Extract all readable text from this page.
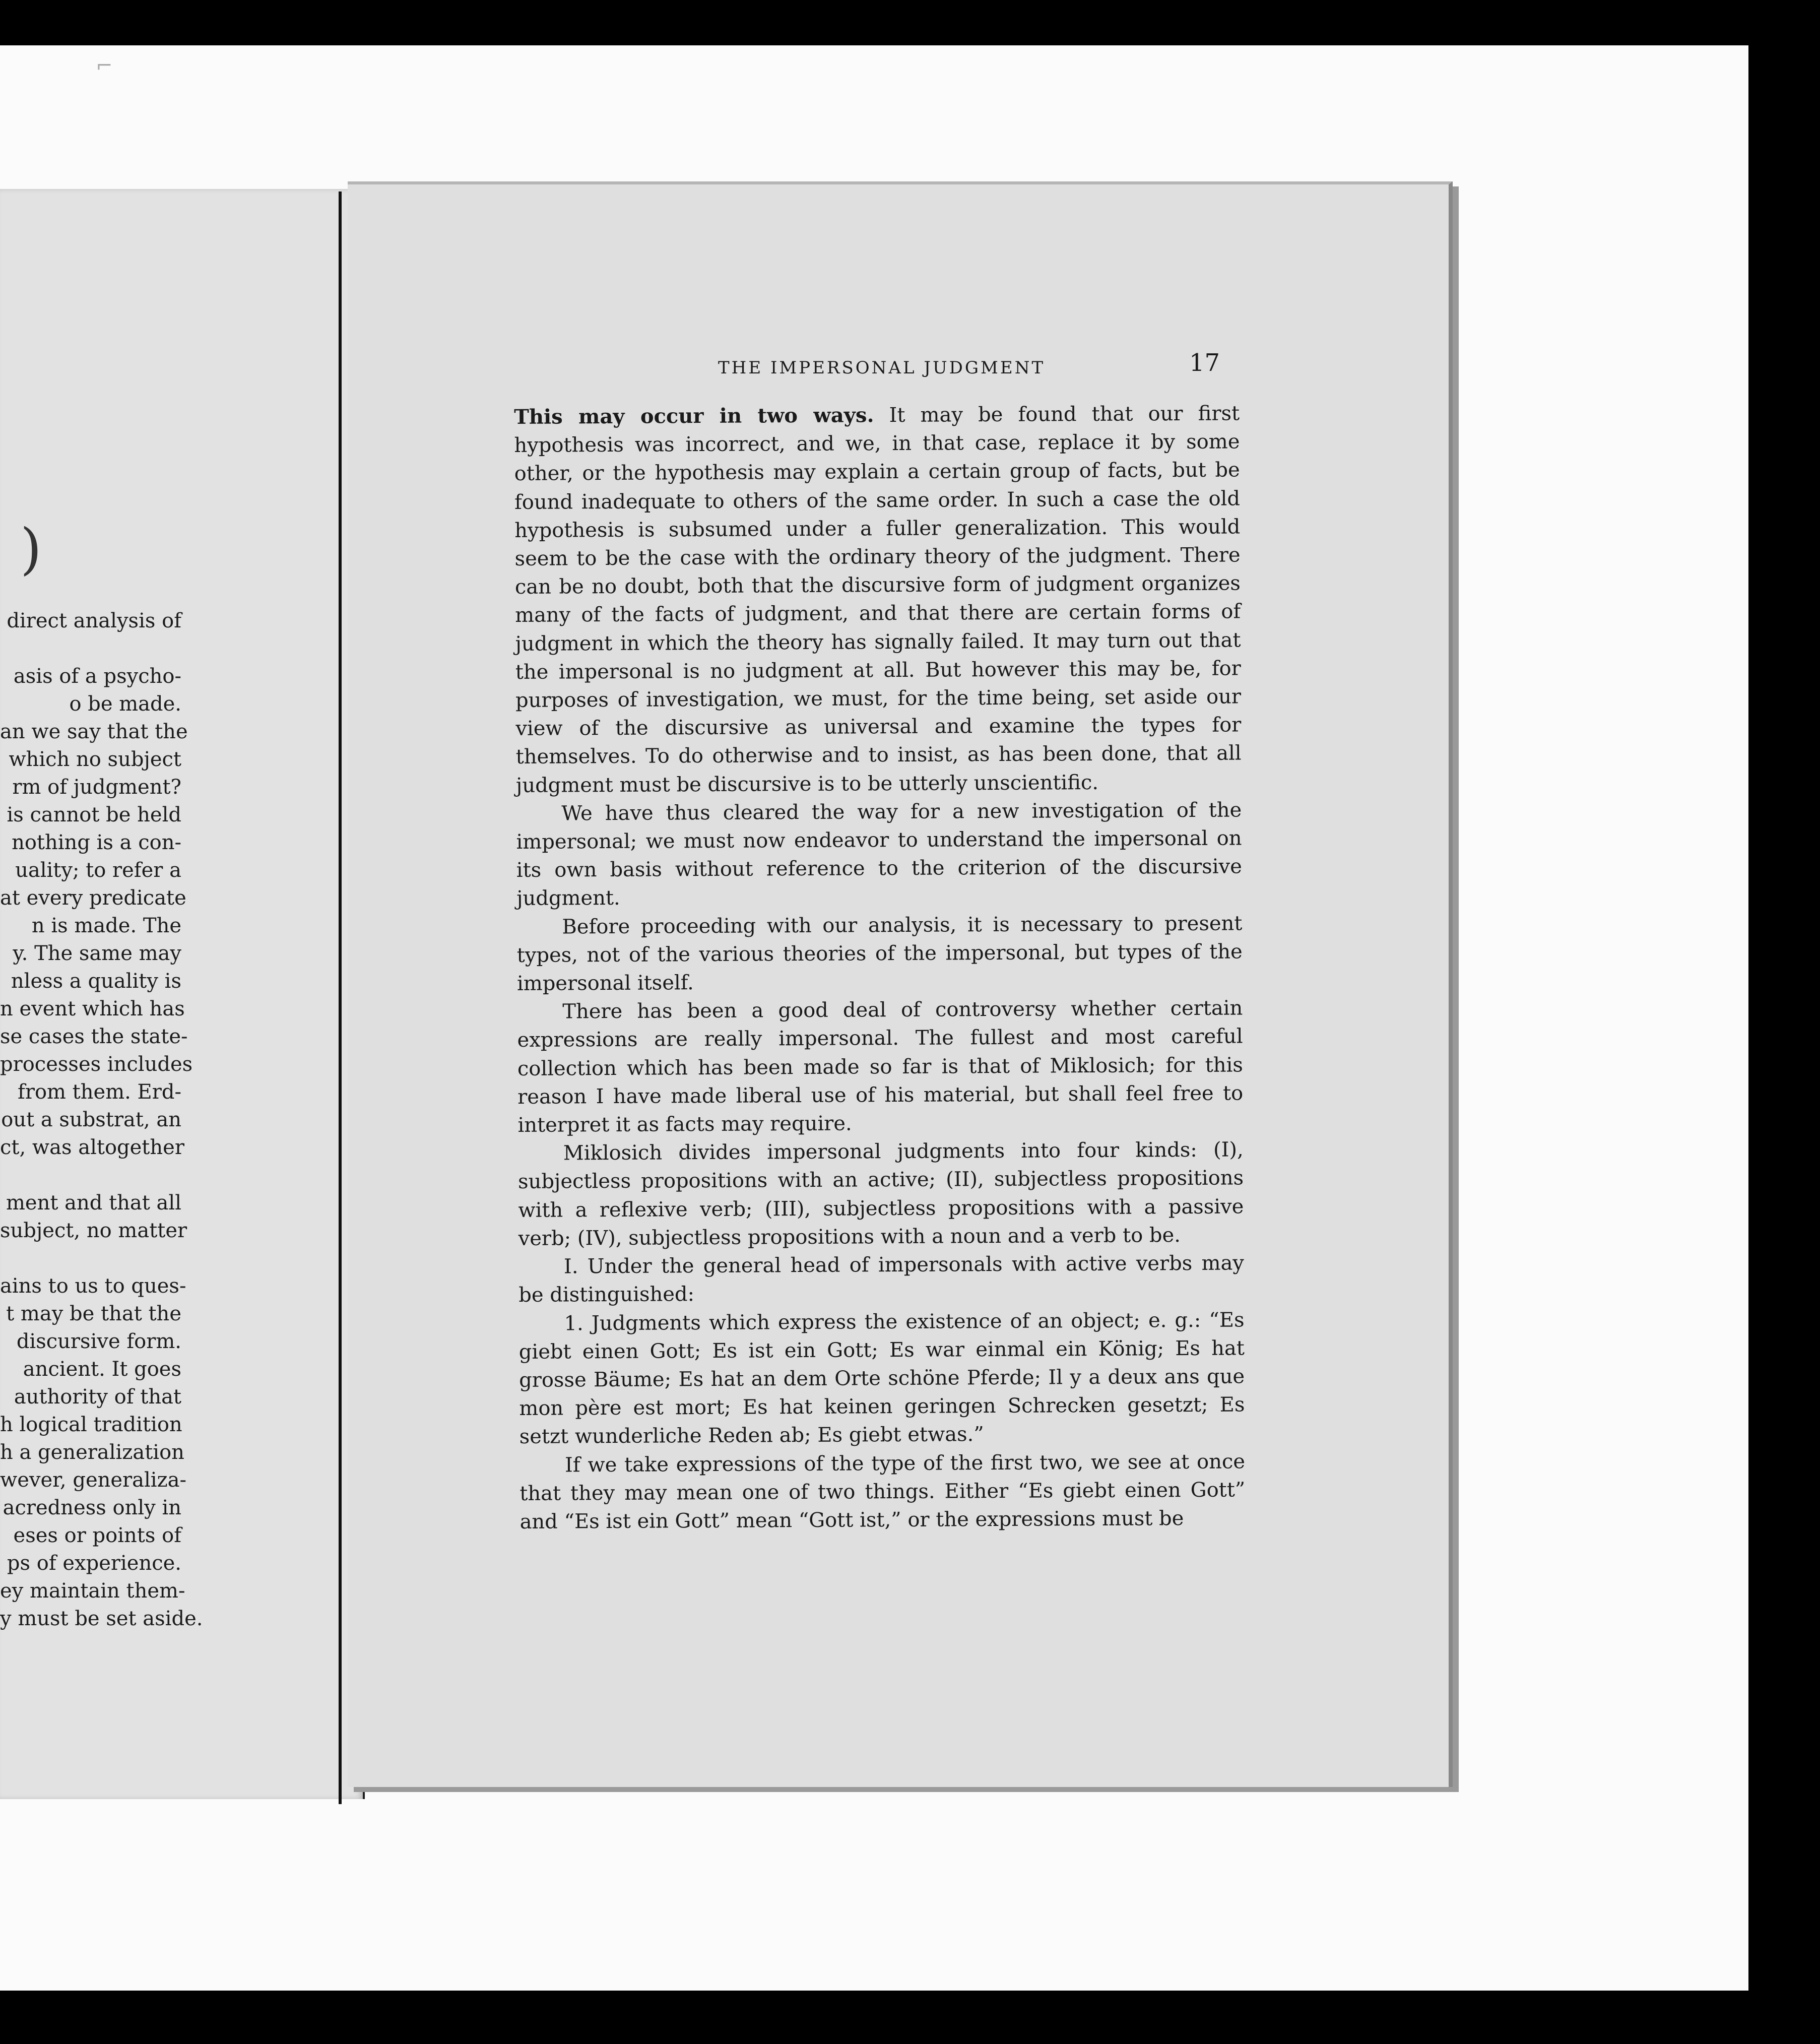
⌐
)
direct analysis of
asis of a psycho-
o be made.
an we say that the
which no subject
rm of judgment?
is cannot be held
nothing is a con-
uality; to refer a
at every predicate
n is made. The
y. The same may
nless a quality is
n event which has
se cases the state-
processes includes
from them. Erd-
out a substrat, an
ct, was altogether
ment and that all
subject, no matter
ains to us to ques-
t may be that the
discursive form.
ancient. It goes
authority of that
h logical tradition
h a generalization
wever, generaliza-
acredness only in
eses or points of
ps of experience.
ey maintain them-
y must be set aside.
THE IMPERSONAL JUDGMENT	17

This may occur in two ways. It may be found that our first hypothesis was incorrect, and we, in that case, replace it by some other, or the hypothesis may explain a certain group of facts, but be found inadequate to others of the same order. In such a case the old hypothesis is subsumed under a fuller generalization. This would seem to be the case with the ordinary theory of the judgment. There can be no doubt, both that the discursive form of judgment organizes many of the facts of judgment, and that there are certain forms of judgment in which the theory has signally failed. It may turn out that the impersonal is no judgment at all. But however this may be, for purposes of investigation, we must, for the time being, set aside our view of the discursive as universal and examine the types for themselves. To do otherwise and to insist, as has been done, that all judgment must be discursive is to be utterly unscientific.

We have thus cleared the way for a new investigation of the impersonal; we must now endeavor to understand the impersonal on its own basis without reference to the criterion of the discursive judgment.

Before proceeding with our analysis, it is necessary to present types, not of the various theories of the impersonal, but types of the impersonal itself.

There has been a good deal of controversy whether certain expressions are really impersonal. The fullest and most careful collection which has been made so far is that of Miklosich; for this reason I have made liberal use of his material, but shall feel free to interpret it as facts may require.

Miklosich divides impersonal judgments into four kinds: (I), subjectless propositions with an active; (II), subjectless propositions with a reflexive verb; (III), subjectless propositions with a passive verb; (IV), subjectless propositions with a noun and a verb to be.

I. Under the general head of impersonals with active verbs may be distinguished:

1. Judgments which express the existence of an object; e. g.: “Es giebt einen Gott; Es ist ein Gott; Es war einmal ein König; Es hat grosse Bäume; Es hat an dem Orte schöne Pferde; Il y a deux ans que mon père est mort; Es hat keinen geringen Schrecken gesetzt; Es setzt wunderliche Reden ab; Es giebt etwas.”

If we take expressions of the type of the first two, we see at once that they may mean one of two things. Either “Es giebt einen Gott” and “Es ist ein Gott” mean “Gott ist,” or the expressions must be
